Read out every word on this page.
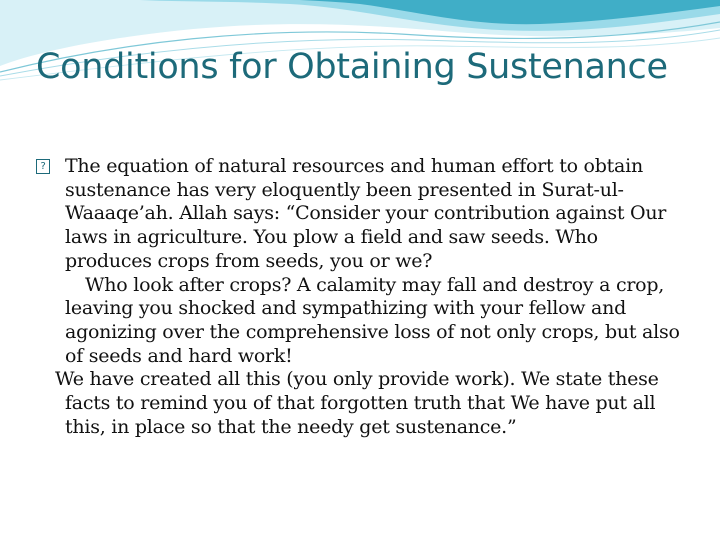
Conditions for Obtaining Sustenance
? The equation of natural resources and human effort to obtain sustenance has very eloquently been presented in Surat-ul-Waaaqe’ah. Allah says: “Consider your contribution against Our laws in agriculture. You plow a field and saw seeds. Who produces crops from seeds, you or we?

Who look after crops? A calamity may fall and destroy a crop, leaving you shocked and sympathizing with your fellow and agonizing over the comprehensive loss of not only crops, but also of seeds and hard work!

We have created all this (you only provide work). We state these facts to remind you of that forgotten truth that We have put all this, in place so that the needy get sustenance.”
